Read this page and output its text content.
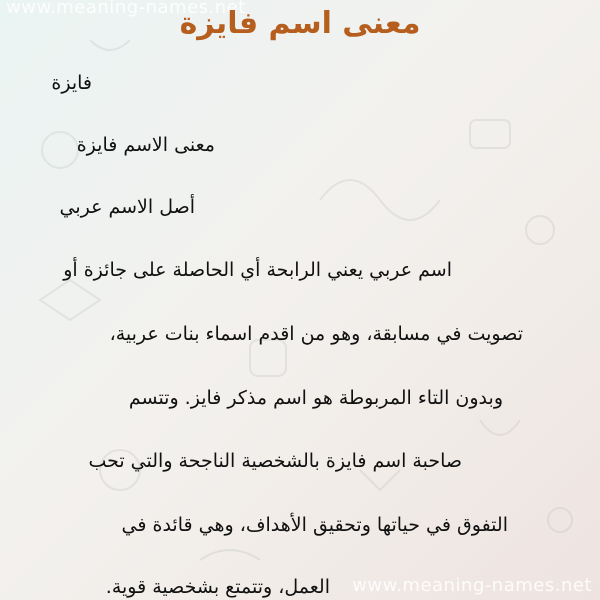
www.meaning-names.net
معنى اسم فايزة
فايزة
معنى الاسم فايزة
أصل الاسم عربي
اسم عربي يعني الرابحة أي الحاصلة على جائزة أو
تصويت في مسابقة، وهو من اقدم اسماء بنات عربية،
وبدون التاء المربوطة هو اسم مذكر فايز. وتتسم
صاحبة اسم فايزة بالشخصية الناجحة والتي تحب
التفوق في حياتها وتحقيق الأهداف، وهي قائدة في
العمل، وتتمتع بشخصية قوية. www.meaning-names.net
